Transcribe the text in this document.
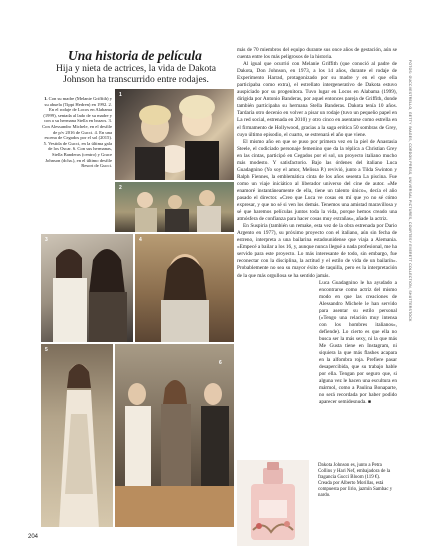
Una historia de película

Hija y nieta de actrices, la vida de Dakota Johnson ha transcurrido entre rodajes.

1. Con su madre (Melanie Griffith) y su abuela (Tippi Hedren) en 1992. 2. En el rodaje de Locos en Alabama (1999), sentada al lado de su madre y con a su hermana Stella en brazos. 3. Con Alessandro Michele, en el desfile de p/v 2016 de Gucci. 4. En una escena de Cegados por el sol (2015). 5. Vestida de Gucci, en la última gala de los Oscar. 6. Con sus hermanas, Stella Banderas (centro) y Grace Johnson (dcha.), en el último desfile Resort de Gucci.

1
2
3	4
5
6

204

más de 70 miembros del equipo durante sus once años de gestación, aún se cuenta entre los más peligrosos de la historia.

Al igual que ocurrió con Melanie Griffith (que conoció al padre de Dakota, Don Johnson, en 1973, a los 14 años, durante el rodaje de Experimento Harrad, protagonizado por su madre y en el que ella participaba como extra), el estrellato intergenerativo de Dakota estuvo auspiciado por su progenitora. Tuvo lugar en Locos en Alabama (1999), dirigida por Antonio Banderas, por aquel entonces pareja de Griffith, donde también participaba su hermana Stella Banderas. Dakota tenía 10 años. Tardaría otro decenio en volver a pisar un rodaje (tuvo un pequeño papel en La red social, estrenada en 2010) y otro cinco en asentarse como estrella en el firmamento de Hollywood, gracias a la saga erótica 50 sombras de Grey, cuyo último episodio, el cuarto, se estrenará el año que viene.

El mismo año en que se puso por primera vez en la piel de Anastasia Steele, el codiciado personaje femenino que da la réplica a Christian Grey en las cintas, participó en Cegados por el sol, un proyecto italiano mucho más modesto. Y satisfactorio. Bajo las órdenes del italiano Luca Guadagnino (Yo soy el amor, Melissa P.) revivió, junto a Tilda Swinton y Ralph Fiennes, la emblemática cinta de los años sesenta La piscina. Fue como un viaje iniciático al liberador universo del cine de autor. «Me enamoré instantáneamente de ella, tiene un talento único», decía el año pasado el director. «Creo que Luca ve cosas en mí que yo no sé cómo expresar, y que no sé si ven los demás. Tenemos una amistad maravillosa y sé que haremos películas juntos toda la vida, porque hemos creado una atmósfera de confianza para hacer cosas muy extrañas», añade la actriz.

En Suspiria (también un remake, esta vez de la obra estrenada por Dario Argento en 1977), su próximo proyecto con el italiano, aún sin fecha de estreno, interpreta a una bailarina estadounidense que viaja a Alemania. «Empecé a bailar a los 16, y, aunque nunca llegué a nada profesional, me ha servido para este proyecto. Lo más interesante de todo, sin embargo, fue reconectar con la disciplina, la actitud y el estilo de vida de un bailarín». Probablemente no sea su mayor éxito de taquilla, pero es la interpretación de la que más orgullosa se ha sentido jamás.

Luca Guadagnino le ha ayudado a encontrarse como actriz del mismo modo en que las creaciones de Alessandro Michele le han servido para asentar su estilo personal («Tengo una relación muy intensa con los hombres italianos», defiende). Lo cierto es que ella no busca ser la más sexy, ni la que más Me Gusta tiene en Instagram, ni siquiera la que más flashes acapara en la alfombra roja. Prefiere pasar desapercibida, que su trabajo hable por ella. Tengan por seguro que, si alguna vez le hacen una escultura en mármol, como a Paulina Bonaparte, no será recordada por haber podido aparecer semidesnuda. ■

Dakota Johnson es, junto a Petra Collins y Hari Nef, embajadora de la fragancia Gucci Bloom (119 €). Creada por Alberto Morillas, está compuesta por lirio, jazmín Sambac y nardo.

FOTOS: GUCCI/ESTRELLO, GETTY IMAGES, CORDON PRESS, UNIVERSAL PICTURES, COURTESY EVERETT COLLECTION, SHUTTERSTOCK
